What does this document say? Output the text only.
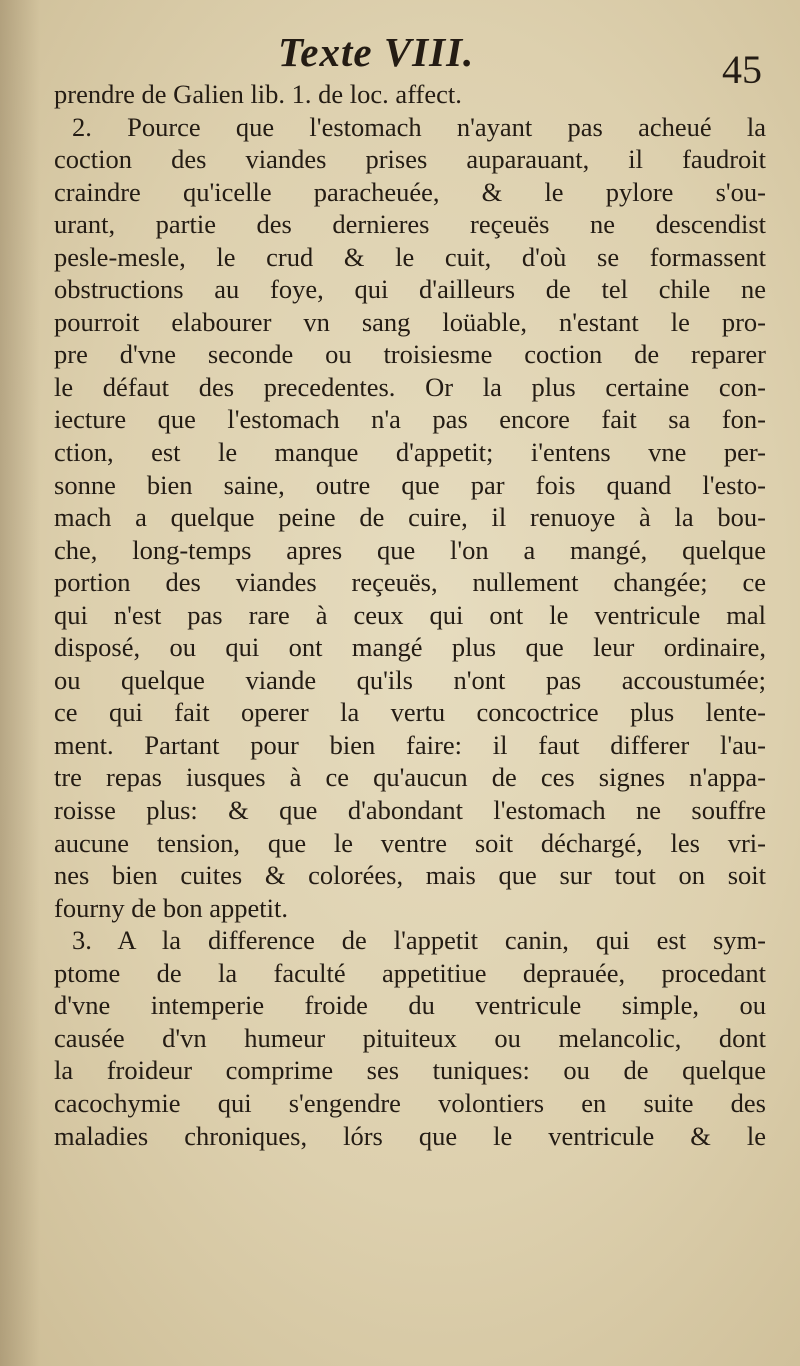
Texte VIII.	45
prendre de Galien lib. 1. de loc. affect.
2. Pource que l'estomach n'ayant pas acheué la
coction des viandes prises auparauant, il faudroit
craindre qu'icelle paracheuée, & le pylore s'ou-
urant, partie des dernieres reçeuës ne descendist
pesle-mesle, le crud & le cuit, d'où se formassent
obstructions au foye, qui d'ailleurs de tel chile ne
pourroit elabourer vn sang loüable, n'estant le pro-
pre d'vne seconde ou troisiesme coction de reparer
le défaut des precedentes. Or la plus certaine con-
iecture que l'estomach n'a pas encore fait sa fon-
ction, est le manque d'appetit; i'entens vne per-
sonne bien saine, outre que par fois quand l'esto-
mach a quelque peine de cuire, il renuoye à la bou-
che, long-temps apres que l'on a mangé, quelque
portion des viandes reçeuës, nullement changée; ce
qui n'est pas rare à ceux qui ont le ventricule mal
disposé, ou qui ont mangé plus que leur ordinaire,
ou quelque viande qu'ils n'ont pas accoustumée;
ce qui fait operer la vertu concoctrice plus lente-
ment. Partant pour bien faire: il faut differer l'au-
tre repas iusques à ce qu'aucun de ces signes n'appa-
roisse plus: & que d'abondant l'estomach ne souffre
aucune tension, que le ventre soit déchargé, les vri-
nes bien cuites & colorées, mais que sur tout on soit
fourny de bon appetit.
3. A la difference de l'appetit canin, qui est sym-
ptome de la faculté appetitiue deprauée, procedant
d'vne intemperie froide du ventricule simple, ou
causée d'vn humeur pituiteux ou melancolic, dont
la froideur comprime ses tuniques: ou de quelque
cacochymie qui s'engendre volontiers en suite des
maladies chroniques, lórs que le ventricule & le
